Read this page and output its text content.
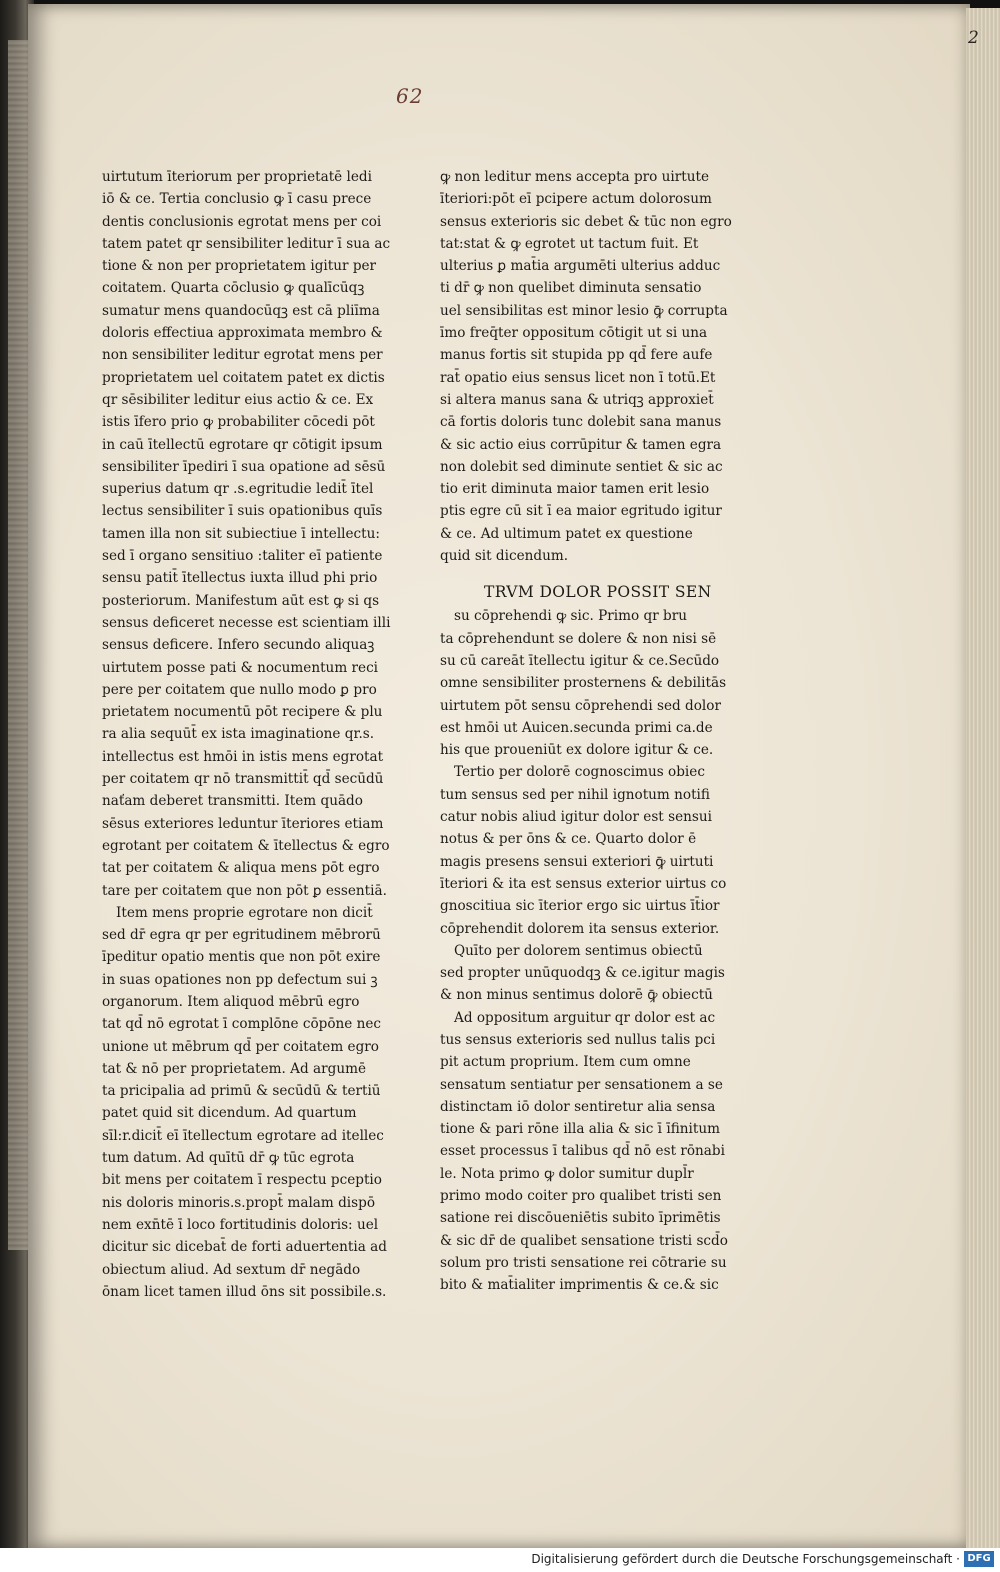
2
62
uirtutum īteriorum per proprietatē ledi
iō & ce. Tertia conclusio ꝙ ī casu prece
dentis conclusionis egrotat mens per coi
tatem patet qr sensibiliter leditur ī sua ac
tione & non per proprietatem igitur per
coitatem. Quarta cōclusio ꝙ qualīcūqꝫ
sumatur mens quandocūqꝫ est cā pliīma
doloris effectiua approximata membro &
non sensibiliter leditur egrotat mens per
proprietatem uel coitatem patet ex dictis
qr sēsibiliter leditur eius actio & ce. Ex
istis īfero prio ꝙ probabiliter cōcedi pōt
in caū ītellectū egrotare qr cōtigit ipsum
sensibiliter īpediri ī sua opatione ad sēsū
superius datum qr .s.egritudie ledit̄ ītel
lectus sensibiliter ī suis opationibus quīs
tamen illa non sit subiectiue ī intellectu:
sed ī organo sensitiuo :taliter eī patiente
sensu patit̄ ītellectus iuxta illud phi prio
posteriorum. Manifestum aūt est ꝙ si qs
sensus deficeret necesse est scientiam illi
sensus deficere. Infero secundo aliquaꝫ
uirtutem posse pati & nocumentum reci
pere per coitatem que nullo modo ꝑ pro
prietatem nocumentū pōt recipere & plu
ra alia sequūt̄ ex ista imaginatione qr.s.
intellectus est hmōi in istis mens egrotat
per coitatem qr nō transmittit̄ qd̄ secūdū
naťam deberet transmitti. Item quādo
sēsus exteriores leduntur īteriores etiam
egrotant per coitatem & ītellectus & egro
tat per coitatem & aliqua mens pōt egro
tare per coitatem que non pōt ꝑ essentiā.
Item mens proprie egrotare non dicit̄
sed dr̄ egra qr per egritudinem mēbrorū
īpeditur opatio mentis que non pōt exire
in suas opationes non pp defectum sui ꝫ
organorum. Item aliquod mēbrū egro
tat qd̄ nō egrotat ī complōne cōpōne nec
unione ut mēbrum qd̄ per coitatem egro
tat & nō per proprietatem. Ad argumē
ta pricipalia ad primū & secūdū & tertiū
patet quid sit dicendum. Ad quartum
sīl:r.dicit̄ eī ītellectum egrotare ad itellec
tum datum. Ad quītū dr̄ ꝙ tūc egrota
bit mens per coitatem ī respectu pceptio
nis doloris minoris.s.propt̄ malam dispō
nem exn̄tē ī loco fortitudinis doloris: uel
dicitur sic dicebat̄ de forti aduertentia ad
obiectum aliud. Ad sextum dr̄ negādo
ōnam licet tamen illud ōns sit possibile.s.
ꝙ non leditur mens accepta pro uirtute
īteriori:pōt eī pcipere actum dolorosum
sensus exterioris sic debet & tūc non egro
tat:stat & ꝙ egrotet ut tactum fuit. Et
ulterius ꝑ mat̄ia argumēti ulterius adduc
ti dr̄ ꝙ non quelibet diminuta sensatio
uel sensibilitas est minor lesio ꝙ̄ corrupta
īmo freq̄ter oppositum cōtigit ut si una
manus fortis sit stupida pp qd̄ fere aufe
rat̄ opatio eius sensus licet non ī totū.Et
si altera manus sana & utriqꝫ approxiet̄
cā fortis doloris tunc dolebit sana manus
& sic actio eius corrūpitur & tamen egra
non dolebit sed diminute sentiet & sic ac
tio erit diminuta maior tamen erit lesio
ptis egre cū sit ī ea maior egritudo igitur
& ce. Ad ultimum patet ex questione
quid sit dicendum.
TRVM DOLOR POSSIT SEN
su cōprehendi ꝙ sic. Primo qr bru
ta cōprehendunt se dolere & non nisi sē
su cū careāt ītellectu igitur & ce.Secūdo
omne sensibiliter prosternens & debilitās
uirtutem pōt sensu cōprehendi sed dolor
est hmōi ut Auicen.secunda primi ca.de
his que proueniūt ex dolore igitur & ce.
Tertio per dolorē cognoscimus obiec
tum sensus sed per nihil ignotum notifi
catur nobis aliud igitur dolor est sensui
notus & per ōns & ce. Quarto dolor ē
magis presens sensui exteriori ꝙ̄ uirtuti
īteriori & ita est sensus exterior uirtus co
gnoscitiua sic īterior ergo sic uirtus īt̄ior
cōprehendit dolorem ita sensus exterior.
Quīto per dolorem sentimus obiectū
sed propter unūquodqꝫ & ce.igitur magis
& non minus sentimus dolorē ꝙ̄ obiectū
Ad oppositum arguitur qr dolor est ac
tus sensus exterioris sed nullus talis pci
pit actum proprium. Item cum omne
sensatum sentiatur per sensationem a se
distinctam iō dolor sentiretur alia sensa
tione & pari rōne illa alia & sic ī īfinitum
esset processus ī talibus qd̄ nō est rōnabi
le. Nota primo ꝙ dolor sumitur dupl̄r
primo modo coiter pro qualibet tristi sen
satione rei discōueniētis subito īprimētis
& sic dr̄ de qualibet sensatione tristi scd̄o
solum pro tristi sensatione rei cōtrarie su
bito & mat̄ialiter imprimentis & ce.& sic
Digitalisierung gefördert durch die Deutsche Forschungsgemeinschaft · DFG
